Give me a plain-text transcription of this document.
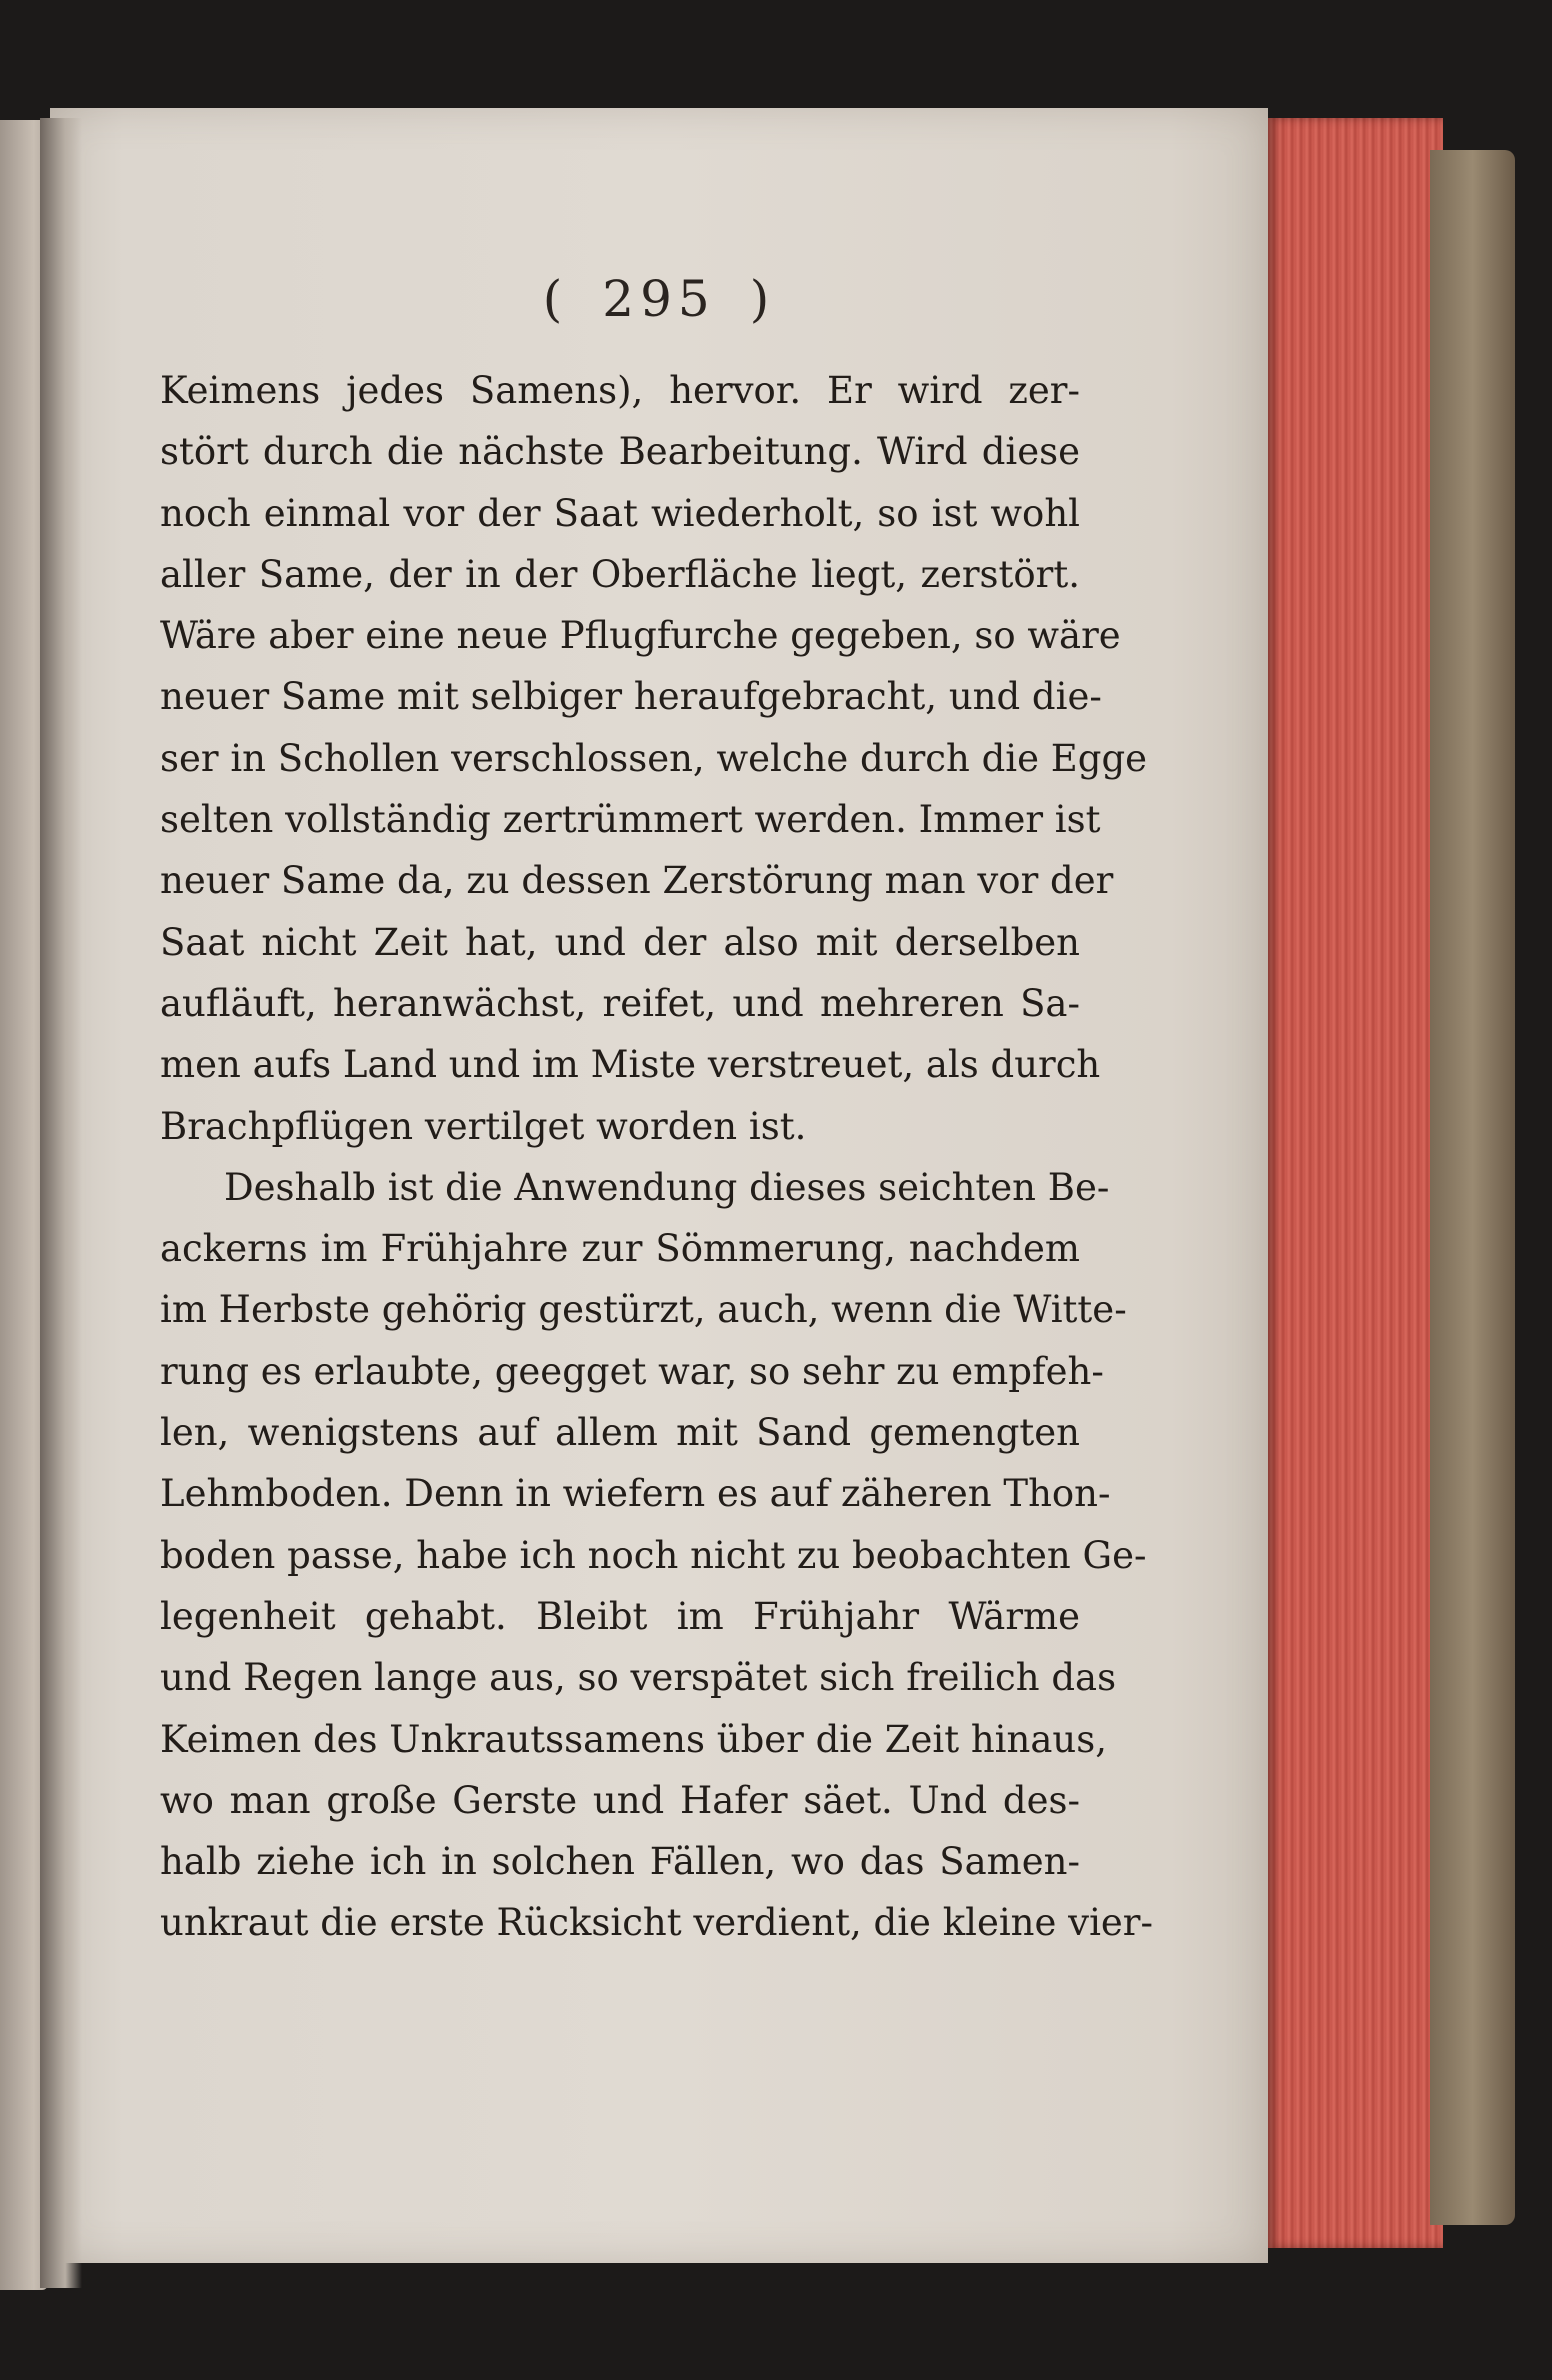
( 295 )
Keimens jedes Samens), hervor. Er wird zer-
stört durch die nächste Bearbeitung. Wird diese
noch einmal vor der Saat wiederholt, so ist wohl
aller Same, der in der Oberfläche liegt, zerstört.
Wäre aber eine neue Pflugfurche gegeben, so wäre
neuer Same mit selbiger heraufgebracht, und die-
ser in Schollen verschlossen, welche durch die Egge
selten vollständig zertrümmert werden. Immer ist
neuer Same da, zu dessen Zerstörung man vor der
Saat nicht Zeit hat, und der also mit derselben
aufläuft, heranwächst, reifet, und mehreren Sa-
men aufs Land und im Miste verstreuet, als durch
Brachpflügen vertilget worden ist.
Deshalb ist die Anwendung dieses seichten Be-
ackerns im Frühjahre zur Sömmerung, nachdem
im Herbste gehörig gestürzt, auch, wenn die Witte-
rung es erlaubte, geegget war, so sehr zu empfeh-
len, wenigstens auf allem mit Sand gemengten
Lehmboden. Denn in wiefern es auf zäheren Thon-
boden passe, habe ich noch nicht zu beobachten Ge-
legenheit gehabt. Bleibt im Frühjahr Wärme
und Regen lange aus, so verspätet sich freilich das
Keimen des Unkrautssamens über die Zeit hinaus,
wo man große Gerste und Hafer säet. Und des-
halb ziehe ich in solchen Fällen, wo das Samen-
unkraut die erste Rücksicht verdient, die kleine vier-
